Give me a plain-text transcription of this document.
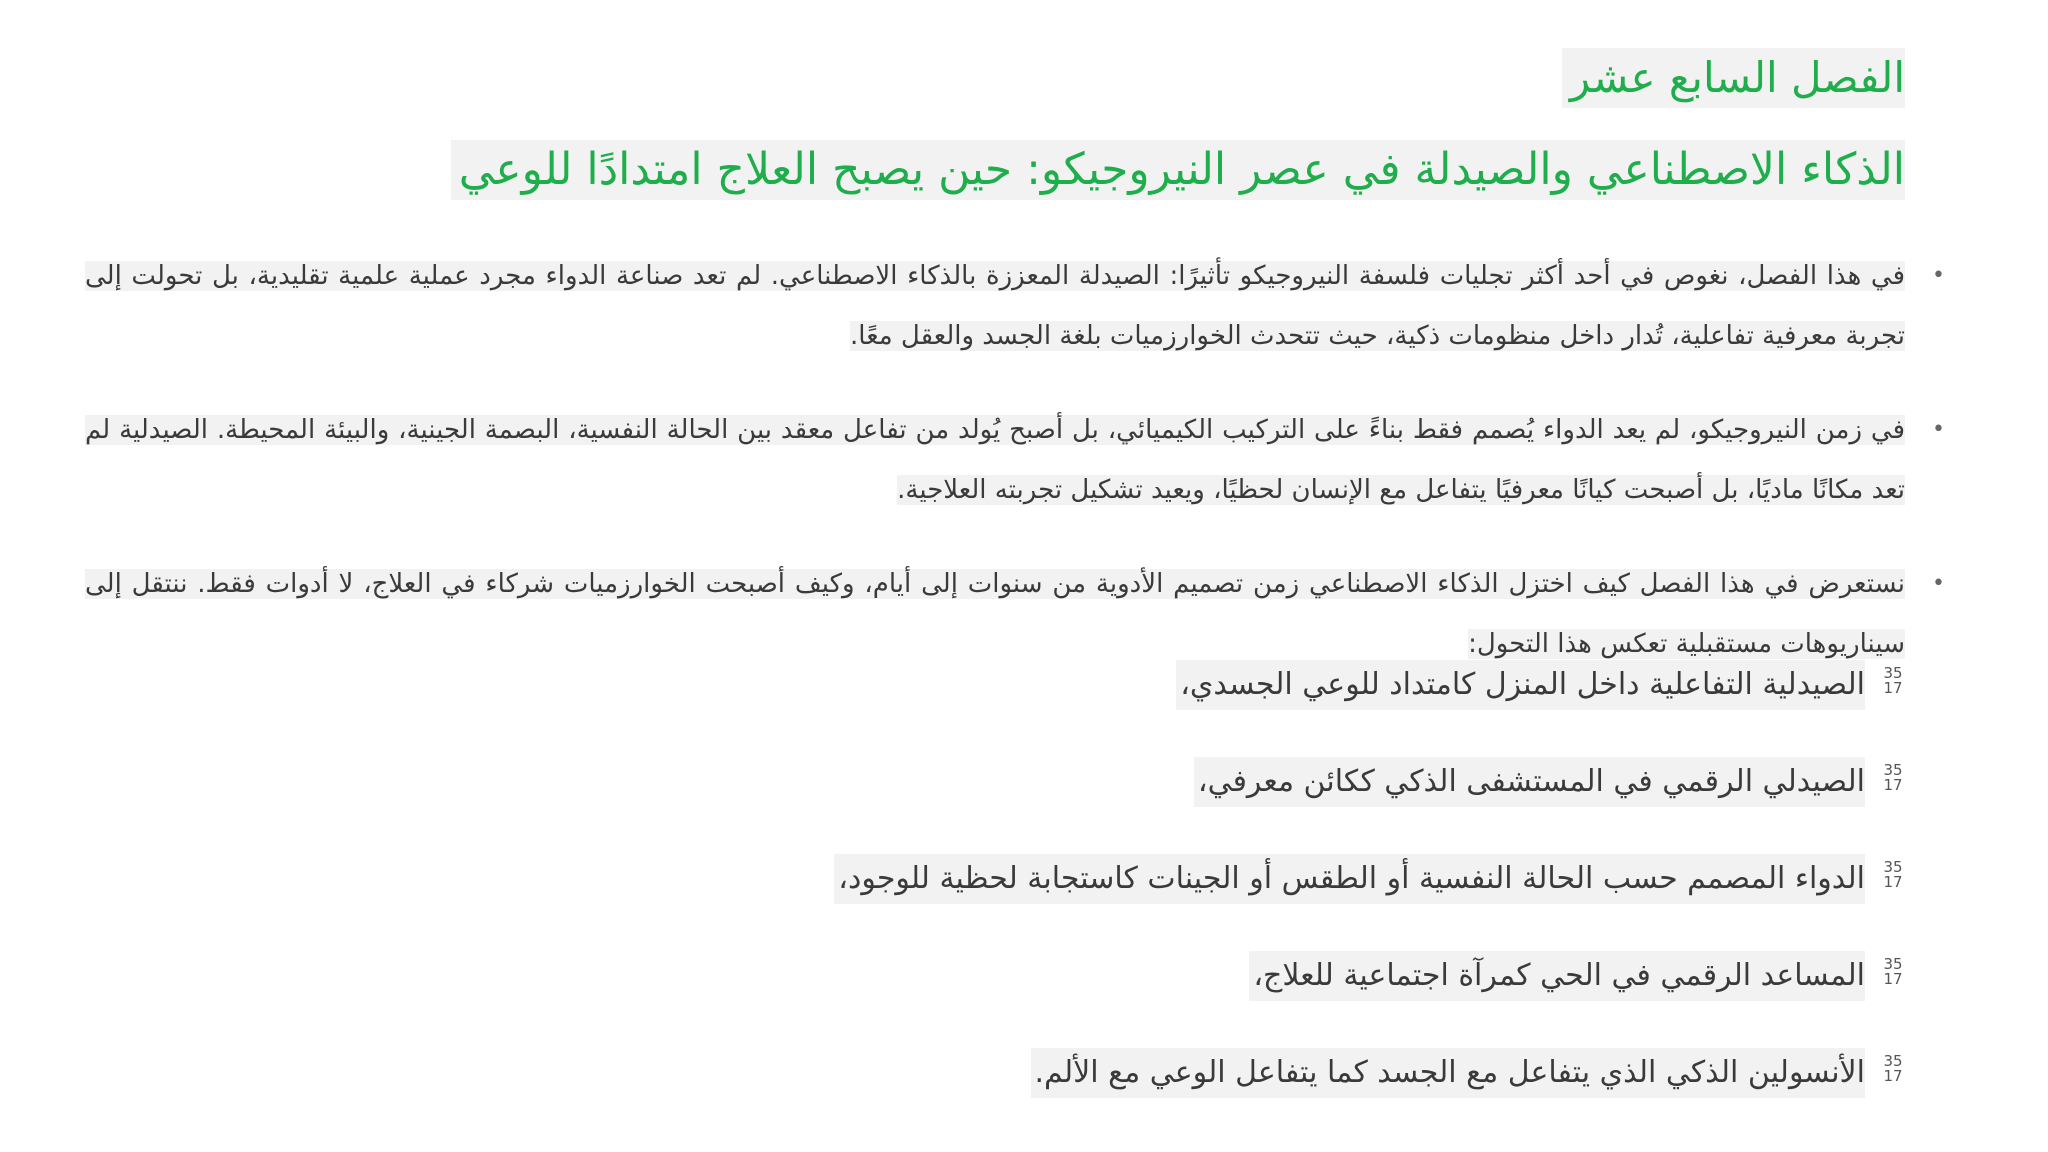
الفصل السابع عشر
الذكاء الاصطناعي والصيدلة في عصر النيروجيكو: حين يصبح العلاج امتدادًا للوعي
•
في هذا الفصل، نغوص في أحد أكثر تجليات فلسفة النيروجيكو تأثيرًا: الصيدلة المعززة بالذكاء الاصطناعي. لم تعد صناعة الدواء مجرد عملية علمية تقليدية، بل تحولت إلى تجربة معرفية تفاعلية، تُدار داخل منظومات ذكية، حيث تتحدث الخوارزميات بلغة الجسد والعقل معًا.
•
في زمن النيروجيكو، لم يعد الدواء يُصمم فقط بناءً على التركيب الكيميائي، بل أصبح يُولد من تفاعل معقد بين الحالة النفسية، البصمة الجينية، والبيئة المحيطة. الصيدلية لم تعد مكانًا ماديًا، بل أصبحت كيانًا معرفيًا يتفاعل مع الإنسان لحظيًا، ويعيد تشكيل تجربته العلاجية.
•
نستعرض في هذا الفصل كيف اختزل الذكاء الاصطناعي زمن تصميم الأدوية من سنوات إلى أيام، وكيف أصبحت الخوارزميات شركاء في العلاج، لا أدوات فقط. ننتقل إلى سيناريوهات مستقبلية تعكس هذا التحول:
35
17
الصيدلية التفاعلية داخل المنزل كامتداد للوعي الجسدي،
35
17
الصيدلي الرقمي في المستشفى الذكي ككائن معرفي،
35
17
الدواء المصمم حسب الحالة النفسية أو الطقس أو الجينات كاستجابة لحظية للوجود،
35
17
المساعد الرقمي في الحي كمرآة اجتماعية للعلاج،
35
17
الأنسولين الذكي الذي يتفاعل مع الجسد كما يتفاعل الوعي مع الألم.
